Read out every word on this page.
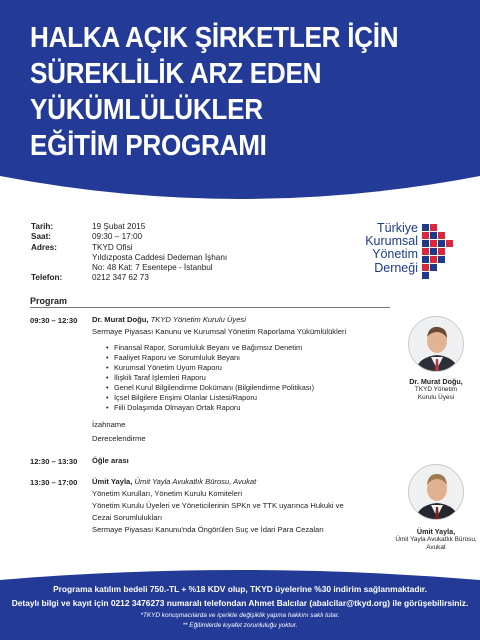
HALKA AÇIK ŞİRKETLER İÇİN
SÜREKLİLİK ARZ EDEN
YÜKÜMLÜLÜKLER
EĞİTİM PROGRAMI
Tarih:	19 Şubat 2015
Saat:	09:30 – 17:00
Adres:	TKYD Ofisi
Yıldızposta Caddesi Dedeman İşhanı
No: 48 Kat: 7 Esentepe - İstanbul
Telefon:	0212 347 62 73
Türkiye
Kurumsal
Yönetim
Derneği
Program
09:30 – 12:30 Dr. Murat Doğu, TKYD Yönetim Kurulu Üyesi
Sermaye Piyasası Kanunu ve Kurumsal Yönetim Raporlama Yükümlülükleri
• Finansal Rapor, Sorumluluk Beyanı ve Bağımsız Denetim
• Faaliyet Raporu ve Sorumluluk Beyanı
• Kurumsal Yönetim Uyum Raporu
• İlişkili Taraf İşlemleri Raporu
• Genel Kurul Bilgilendirme Dokümanı (Bilgilendirme Politikası)
• İçsel Bilgilere Erişimi Olanlar Listesi/Raporu
• Fiili Dolaşımda Olmayan Ortak Raporu
İzahname
Derecelendirme
12:30 – 13:30 Öğle arası
13:30 – 17:00 Ümit Yayla, Ümit Yayla Avukatlık Bürosu, Avukat
Yönetim Kurulları, Yönetim Kurulu Komiteleri
Yönetim Kurulu Üyeleri ve Yöneticilerinin SPKn ve TTK uyarınca Hukuki ve
Cezai Sorumlulukları
Sermaye Piyasası Kanunu'nda Öngörülen Suç ve İdari Para Cezaları
Dr. Murat Doğu,
TKYD Yönetim
Kurulu Üyesi
Ümit Yayla,
Ümit Yayla Avukatlık Bürosu,
Avukat
Programa katılım bedeli 750.-TL + %18 KDV olup, TKYD üyelerine %30 indirim sağlanmaktadır.
Detaylı bilgi ve kayıt için 0212 3476273 numaralı telefondan Ahmet Balcılar (abalcilar@tkyd.org) ile görüşebilirsiniz.
*TKYD konuşmacılarda ve içerikte değişiklik yapma hakkını saklı tutar.
** Eğitimlerde kıyafet zorunluluğu yoktur.
